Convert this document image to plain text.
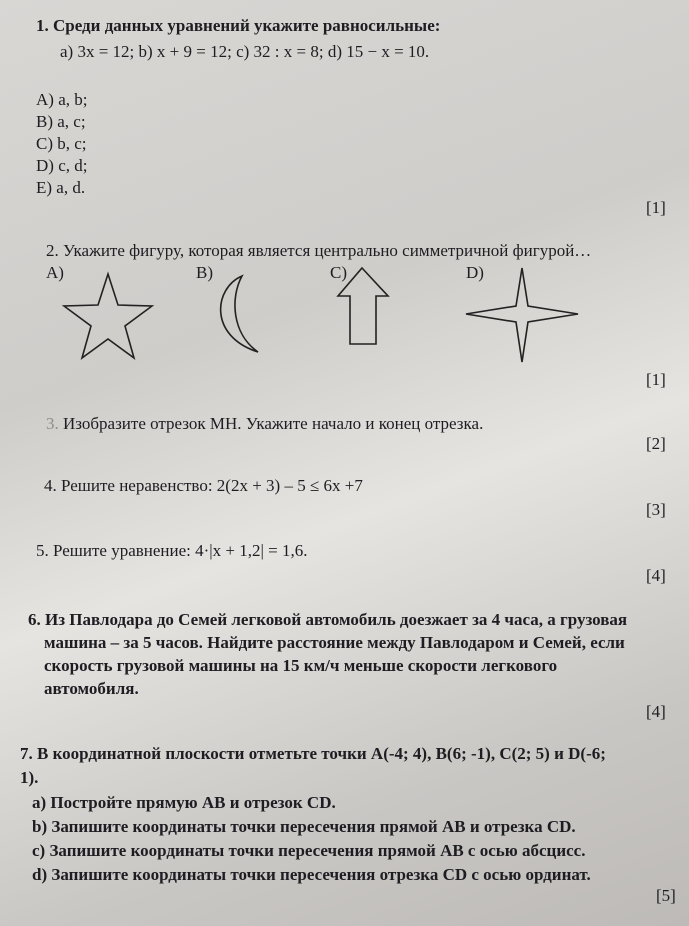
1. Среди данных уравнений укажите равносильные:
a) 3x = 12; b) x + 9 = 12; c) 32 : x = 8; d) 15 − x = 10.
A) a, b;
B) a, c;
C) b, c;
D) c, d;
E) a, d.
[1]
2. Укажите фигуру, которая является центрально симметричной фигурой…
A)	B)	C)	D)
[1]
3. Изобразите отрезок МН. Укажите начало и конец отрезка.
[2]
4. Решите неравенство: 2(2x + 3) – 5 ≤ 6x +7
[3]
5. Решите уравнение: 4·|x + 1,2| = 1,6.
[4]
6. Из Павлодара до Семей легковой автомобиль доезжает за 4 часа, а грузовая
машина – за 5 часов. Найдите расстояние между Павлодаром и Семей, если
скорость грузовой машины на 15 км/ч меньше скорости легкового
автомобиля.
[4]
7. В координатной плоскости отметьте точки A(-4; 4), B(6; -1), C(2; 5) и D(-6;
1).
a) Постройте прямую AB и отрезок CD.
b) Запишите координаты точки пересечения прямой AB и отрезка CD.
c) Запишите координаты точки пересечения прямой AB с осью абсцисс.
d) Запишите координаты точки пересечения отрезка CD с осью ординат.
[5]
